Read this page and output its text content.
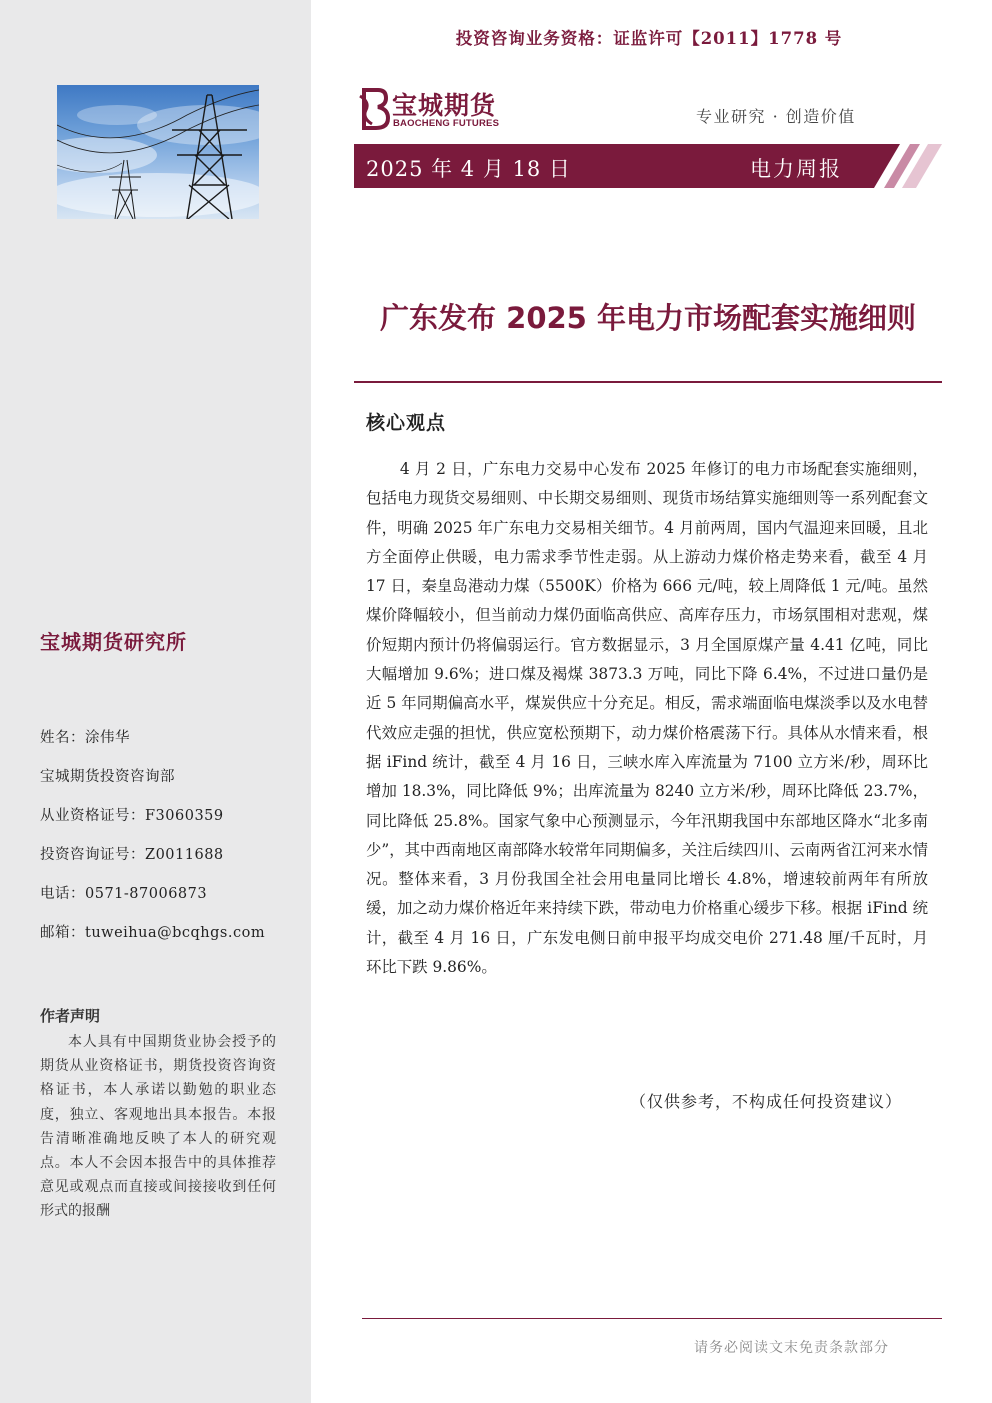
宝城期货研究所
姓名：涂伟华
宝城期货投资咨询部
从业资格证号：F3060359
投资咨询证号：Z0011688
电话：0571-87006873
邮箱：tuweihua@bcqhgs.com
作者声明
本人具有中国期货业协会授予的期货从业资格证书，期货投资咨询资格证书，本人承诺以勤勉的职业态度，独立、客观地出具本报告。本报告清晰准确地反映了本人的研究观点。本人不会因本报告中的具体推荐意见或观点而直接或间接接收到任何形式的报酬
投资咨询业务资格：证监许可【2011】1778 号
宝城期货
BAOCHENG FUTURES	专业研究 · 创造价值
2025 年 4 月 18 日	电力周报
广东发布 2025 年电力市场配套实施细则
核心观点
4 月 2 日，广东电力交易中心发布 2025 年修订的电力市场配套实施细则，包括电力现货交易细则、中长期交易细则、现货市场结算实施细则等一系列配套文件，明确 2025 年广东电力交易相关细节。4 月前两周，国内气温迎来回暖，且北方全面停止供暖，电力需求季节性走弱。从上游动力煤价格走势来看，截至 4 月 17 日，秦皇岛港动力煤（5500K）价格为 666 元/吨，较上周降低 1 元/吨。虽然煤价降幅较小，但当前动力煤仍面临高供应、高库存压力，市场氛围相对悲观，煤价短期内预计仍将偏弱运行。官方数据显示，3 月全国原煤产量 4.41 亿吨，同比大幅增加 9.6%；进口煤及褐煤 3873.3 万吨，同比下降 6.4%，不过进口量仍是近 5 年同期偏高水平，煤炭供应十分充足。相反，需求端面临电煤淡季以及水电替代效应走强的担忧，供应宽松预期下，动力煤价格震荡下行。具体从水情来看，根据 iFind 统计，截至 4 月 16 日，三峡水库入库流量为 7100 立方米/秒，周环比增加 18.3%，同比降低 9%；出库流量为 8240 立方米/秒，周环比降低 23.7%，同比降低 25.8%。国家气象中心预测显示，今年汛期我国中东部地区降水“北多南少”，其中西南地区南部降水较常年同期偏多，关注后续四川、云南两省江河来水情况。整体来看，3 月份我国全社会用电量同比增长 4.8%，增速较前两年有所放缓，加之动力煤价格近年来持续下跌，带动电力价格重心缓步下移。根据 iFind 统计，截至 4 月 16 日，广东发电侧日前申报平均成交电价 271.48 厘/千瓦时，月环比下跌 9.86%。
（仅供参考，不构成任何投资建议）
请务必阅读文末免责条款部分
